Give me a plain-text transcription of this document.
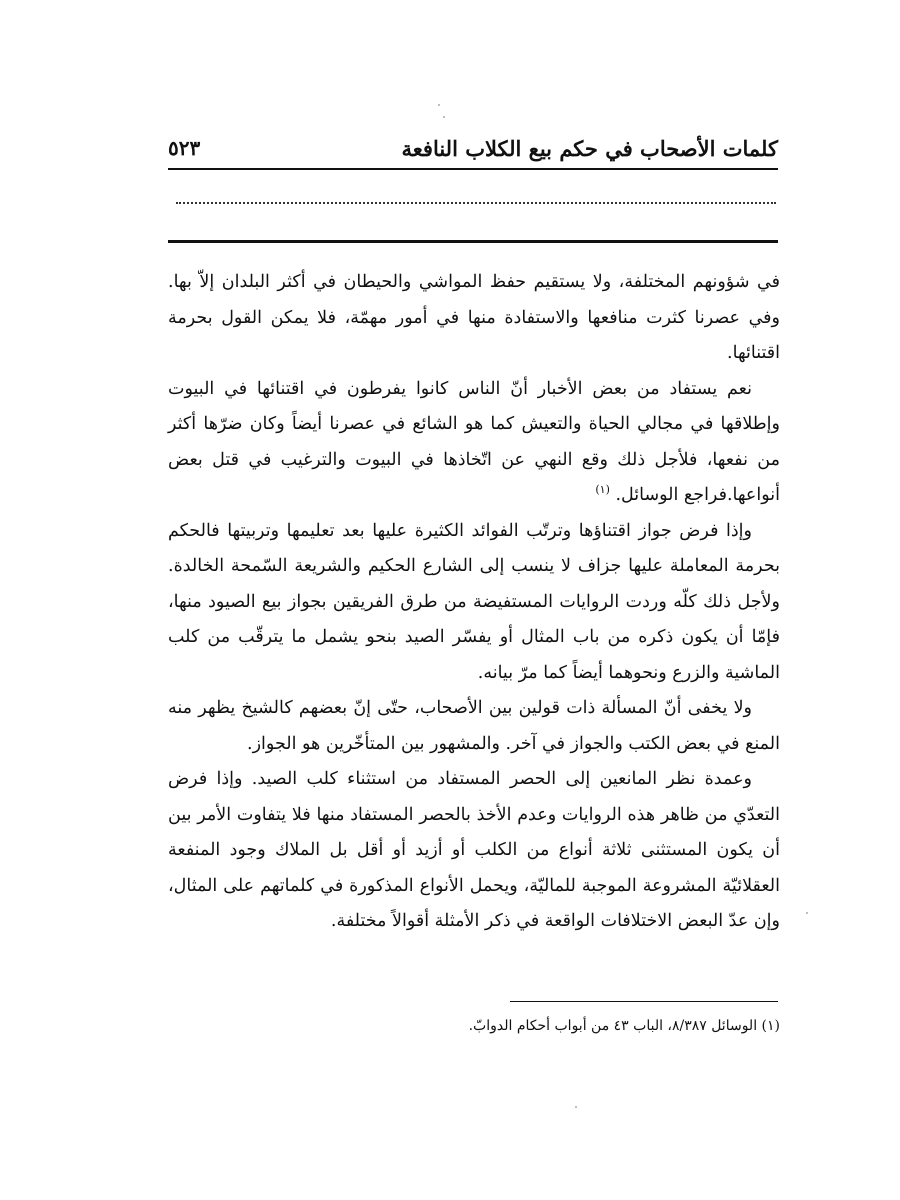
كلمات الأصحاب في حكم بيع الكلاب النافعة
٥٢٣

في شؤونهم المختلفة، ولا يستقيم حفظ المواشي والحيطان في أكثر البلدان إلاّ بها. وفي عصرنا كثرت منافعها والاستفادة منها في أمور مهمّة، فلا يمكن القول بحرمة اقتنائها.

نعم يستفاد من بعض الأخبار أنّ الناس كانوا يفرطون في اقتنائها في البيوت وإطلاقها في مجالي الحياة والتعيش كما هو الشائع في عصرنا أيضاً وكان ضرّها أكثر من نفعها، فلأجل ذلك وقع النهي عن اتّخاذها في البيوت والترغيب في قتل بعض أنواعها.فراجع الوسائل. $^{(١)}$

وإذا فرض جواز اقتناؤها وترتّب الفوائد الكثيرة عليها بعد تعليمها وتربيتها فالحكم بحرمة المعاملة عليها جزاف لا ينسب إلى الشارع الحكيم والشريعة السّمحة الخالدة. ولأجل ذلك كلّه وردت الروايات المستفيضة من طرق الفريقين بجواز بيع الصيود منها، فإمّا أن يكون ذكره من باب المثال أو يفسّر الصيد بنحو يشمل ما يترقّب من كلب الماشية والزرع ونحوهما أيضاً كما مرّ بيانه.

ولا يخفى أنّ المسألة ذات قولين بين الأصحاب، حتّى إنّ بعضهم كالشيخ يظهر منه المنع في بعض الكتب والجواز في آخر. والمشهور بين المتأخّرين هو الجواز.

وعمدة نظر المانعين إلى الحصر المستفاد من استثناء كلب الصيد. وإذا فرض التعدّي من ظاهر هذه الروايات وعدم الأخذ بالحصر المستفاد منها فلا يتفاوت الأمر بين أن يكون المستثنى ثلاثة أنواع من الكلب أو أزيد أو أقل بل الملاك وجود المنفعة العقلائيّة المشروعة الموجبة للماليّة، ويحمل الأنواع المذكورة في كلماتهم على المثال، وإن عدّ البعض الاختلافات الواقعة في ذكر الأمثلة أقوالاً مختلفة.

(١) الوسائل ٨/٣٨٧، الباب ٤٣ من أبواب أحكام الدوابّ.
